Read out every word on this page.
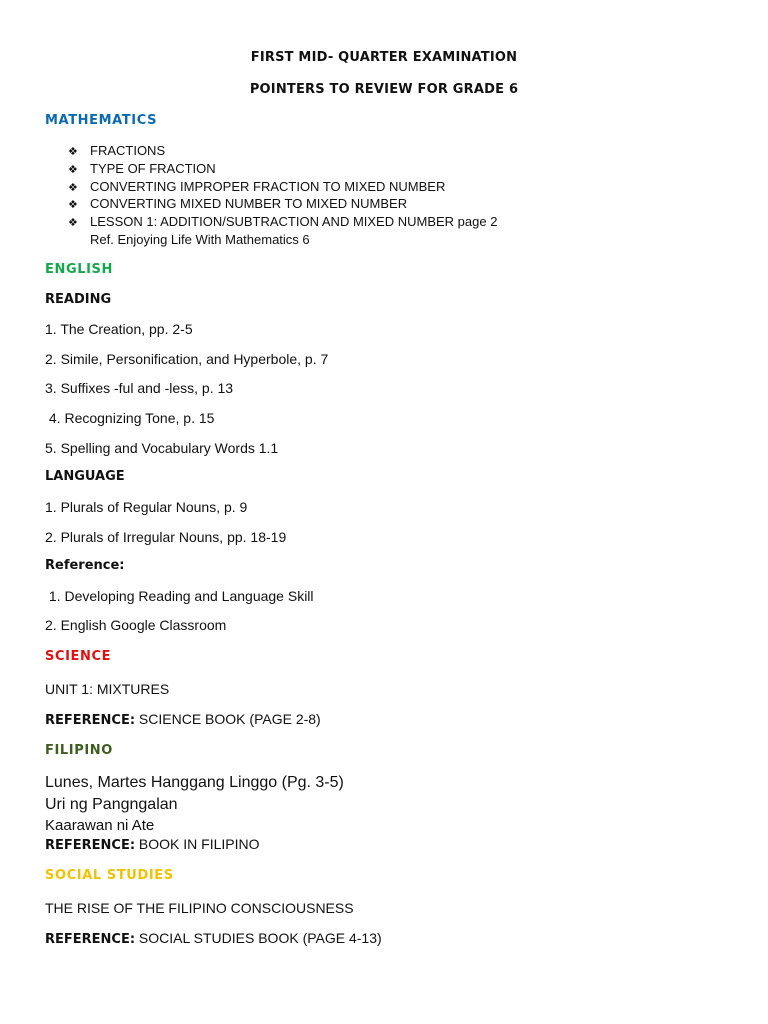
FIRST MID- QUARTER EXAMINATION
POINTERS TO REVIEW FOR GRADE 6
MATHEMATICS
❖ FRACTIONS
❖ TYPE OF FRACTION
❖ CONVERTING IMPROPER FRACTION TO MIXED NUMBER
❖ CONVERTING MIXED NUMBER TO MIXED NUMBER
❖ LESSON 1: ADDITION/SUBTRACTION AND MIXED NUMBER page 2
Ref. Enjoying Life With Mathematics 6
ENGLISH
READING
1. The Creation, pp. 2-5
2. Simile, Personification, and Hyperbole, p. 7
3. Suffixes -ful and -less, p. 13
4. Recognizing Tone, p. 15
5. Spelling and Vocabulary Words 1.1
LANGUAGE
1. Plurals of Regular Nouns, p. 9
2. Plurals of Irregular Nouns, pp. 18-19
Reference:
1. Developing Reading and Language Skill
2. English Google Classroom
SCIENCE
UNIT 1: MIXTURES
REFERENCE: SCIENCE BOOK (PAGE 2-8)
FILIPINO
Lunes, Martes Hanggang Linggo (Pg. 3-5)
Uri ng Pangngalan
Kaarawan ni Ate
REFERENCE: BOOK IN FILIPINO
SOCIAL STUDIES
THE RISE OF THE FILIPINO CONSCIOUSNESS
REFERENCE: SOCIAL STUDIES BOOK (PAGE 4-13)
